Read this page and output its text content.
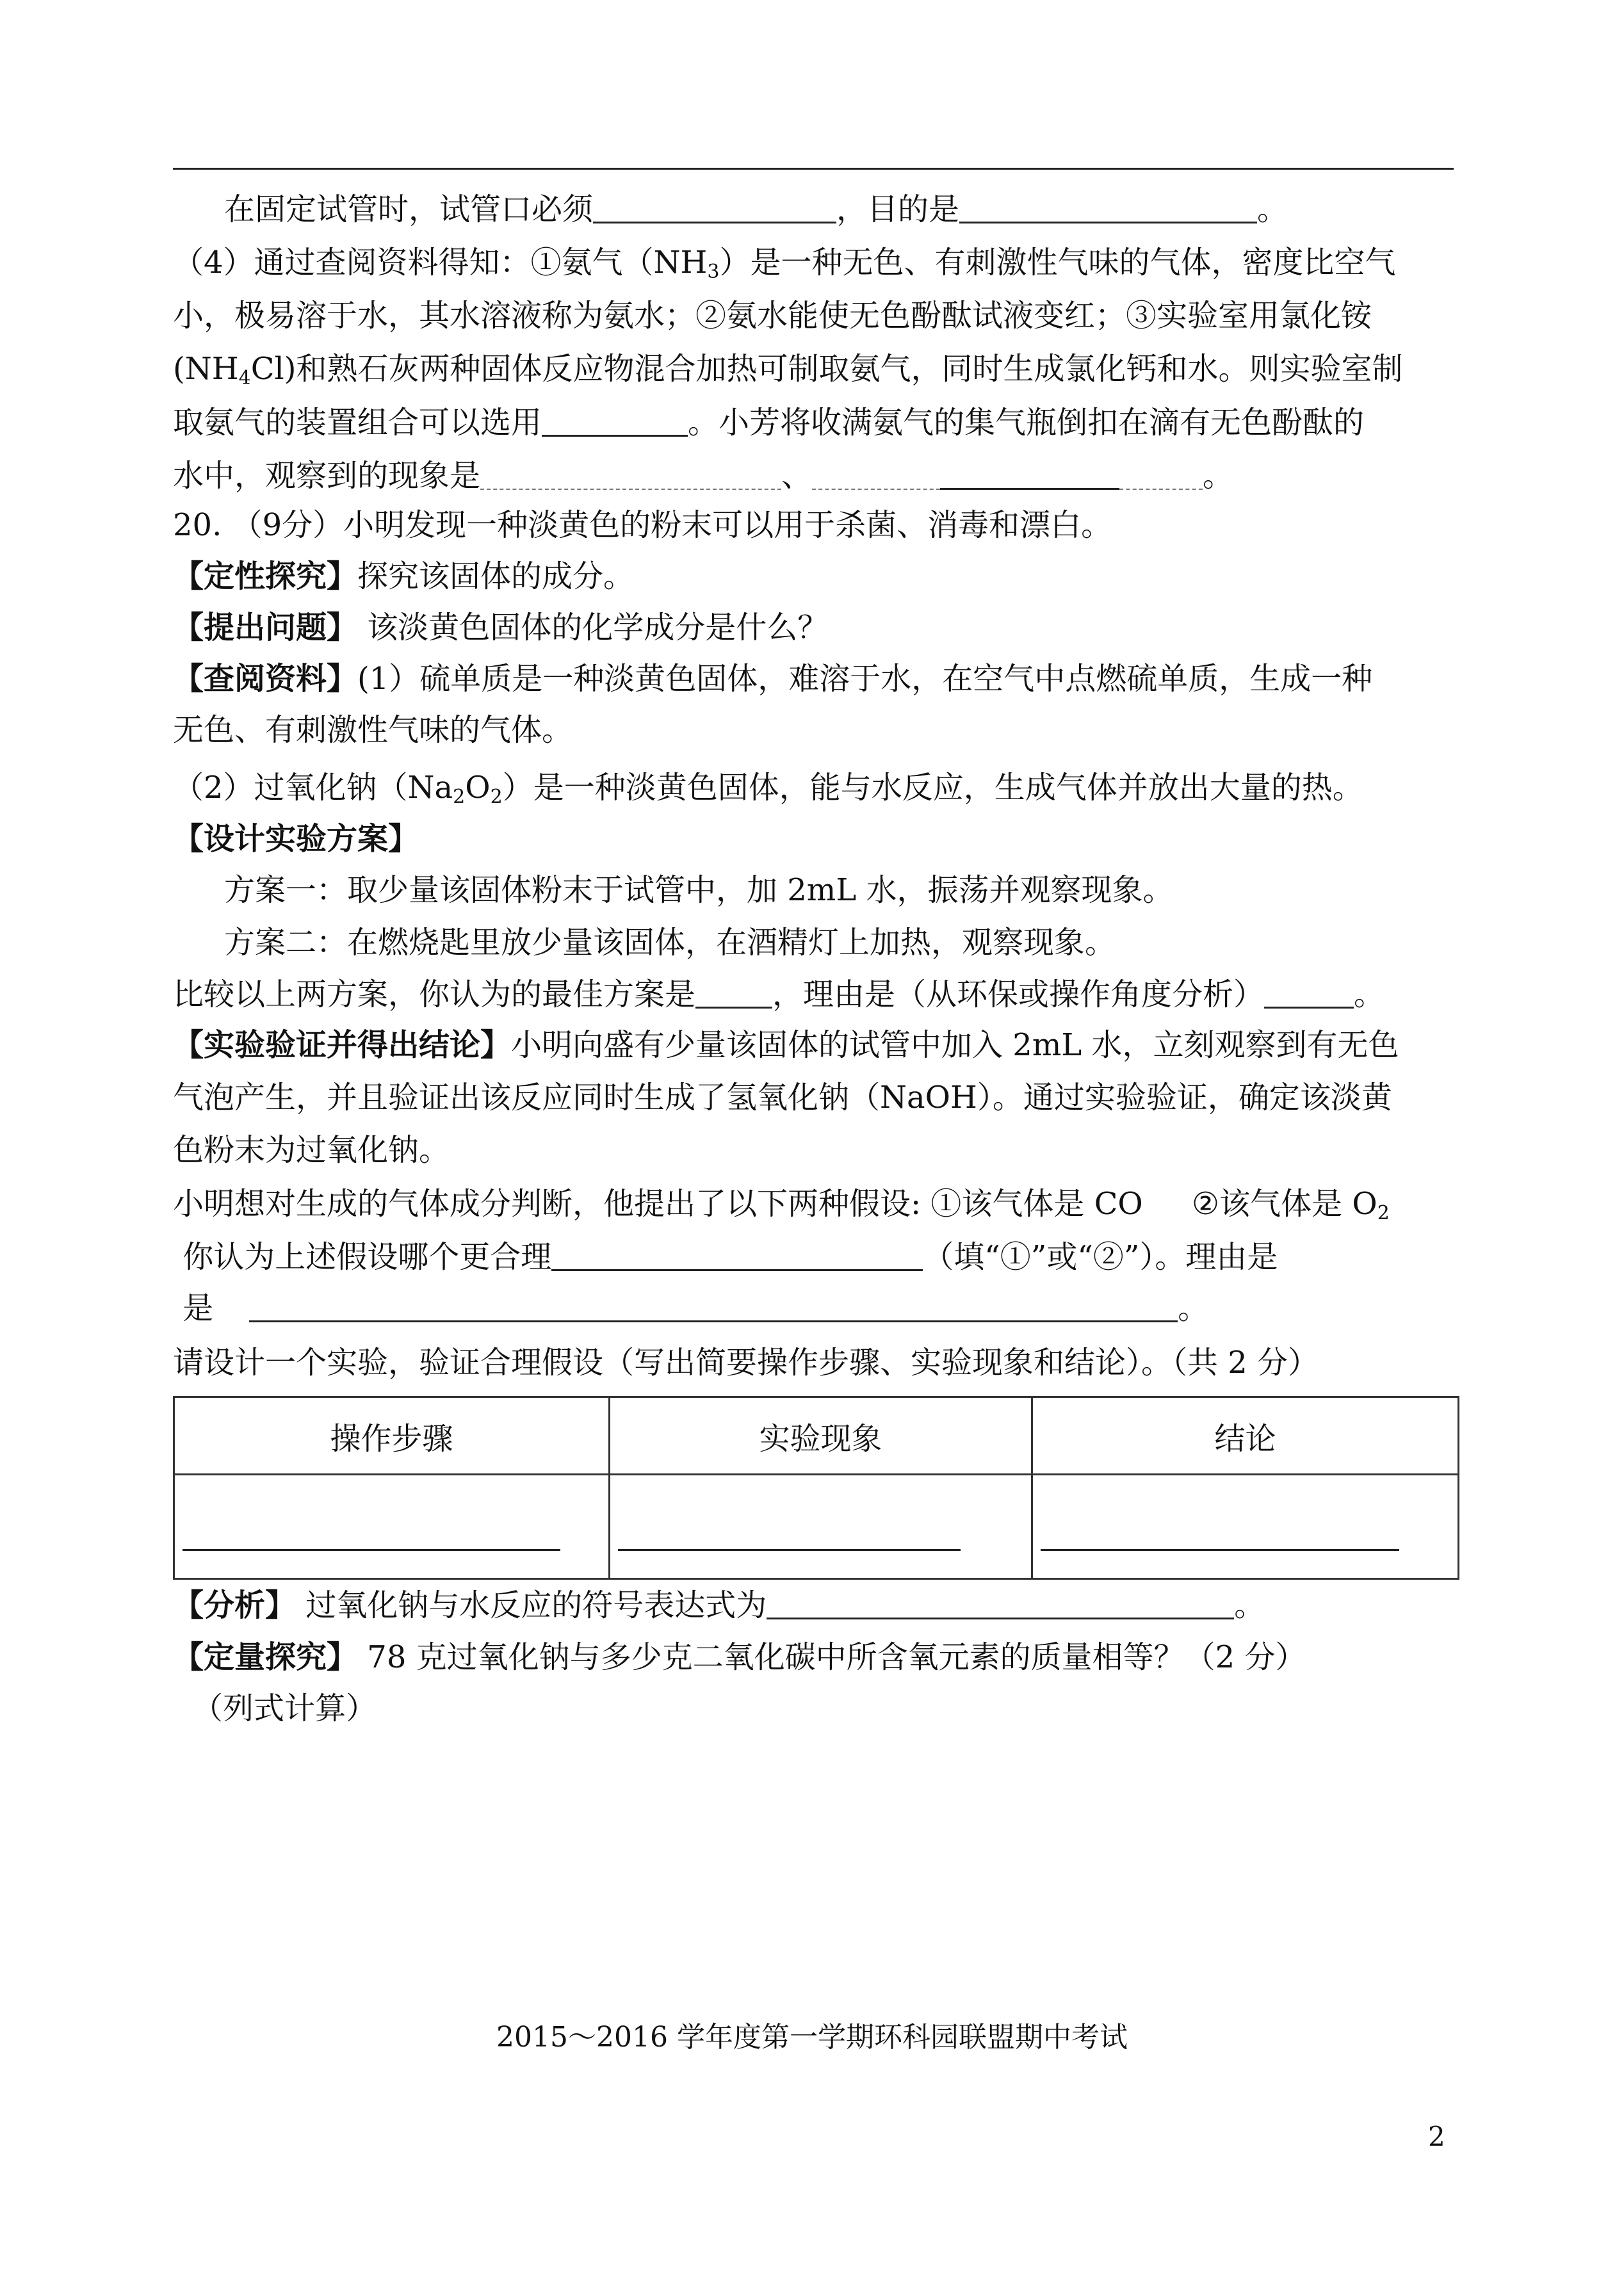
在固定试管时，试管口必须	，目的是	。
（4）通过查阅资料得知：①氨气$(NH_3)$是一种无色、有刺激性气味的气体，密度比空气
小，极易溶于水，其水溶液称为氨水；②氨水能使无色酚酞试液变红；③实验室用氯化铵
$(NH_4Cl)$和熟石灰两种固体反应物混合加热可制取氨气，同时生成氯化钙和水。则实验室制
取氨气的装置组合可以选用	。小芳将收满氨气的集气瓶倒扣在滴有无色酚酞的
水中，观察到的现象是	、	。
20. （9分）小明发现一种淡黄色的粉末可以用于杀菌、消毒和漂白。
【定性探究】探究该固体的成分。
【提出问题】 该淡黄色固体的化学成分是什么？
【查阅资料】(1）硫单质是一种淡黄色固体，难溶于水，在空气中点燃硫单质，生成一种
无色、有刺激性气味的气体。
（2）过氧化钠$(Na_2O_2)$是一种淡黄色固体，能与水反应，生成气体并放出大量的热。
【设计实验方案】
方案一：取少量该固体粉末于试管中，加 2mL 水，振荡并观察现象。
方案二：在燃烧匙里放少量该固体，在酒精灯上加热，观察现象。
比较以上两方案，你认为的最佳方案是	，理由是（从环保或操作角度分析）	。
【实验验证并得出结论】小明向盛有少量该固体的试管中加入 2mL 水，立刻观察到有无色
气泡产生，并且验证出该反应同时生成了氢氧化钠（NaOH）。通过实验验证，确定该淡黄
色粉末为过氧化钠。
小明想对生成的气体成分判断，他提出了以下两种假设: ①该气体是 CO     ②该气体是 $O_2$
你认为上述假设哪个更合理	（填“①”或“②”）。理由是
是	。
请设计一个实验，验证合理假设（写出简要操作步骤、实验现象和结论）。（共 2 分）
操作步骤	实验现象	结论

【分析】 过氧化钠与水反应的符号表达式为	。
【定量探究】 78 克过氧化钠与多少克二氧化碳中所含氧元素的质量相等？（2 分）
（列式计算）
2015～2016 学年度第一学期环科园联盟期中考试
2
